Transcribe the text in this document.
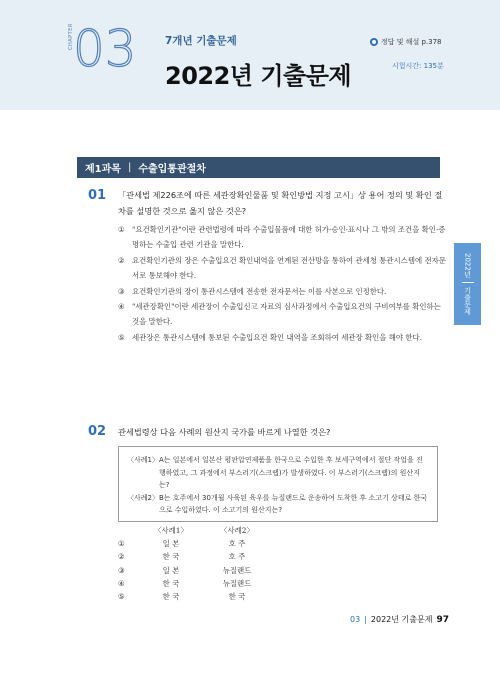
CHAPTER 03	7개년 기출문제
2022년 기출문제
정답 및 해설 p.378
시험시간: 135분
제1과목 | 수출입통관절차
2022년
기출문제
01 「관세법 제226조에 따른 세관장확인물품 및 확인방법 지정 고시」상 용어 정의 및 확인 절차를 설명한 것으로 옳지 않은 것은?
① "요건확인기관"이란 관련법령에 따라 수출입물품에 대한 허가·승인·표시나 그 밖의 조건을 확인·증명하는 수출입 관련 기관을 말한다.
② 요건확인기관의 장은 수출입요건 확인내역을 연계된 전산망을 통하여 관세청 통관시스템에 전자문서로 통보해야 한다.
③ 요건확인기관의 장이 통관시스템에 전송한 전자문서는 이를 사본으로 인정한다.
④ "세관장확인"이란 세관장이 수출입신고 자료의 심사과정에서 수출입요건의 구비여부를 확인하는 것을 말한다.
⑤ 세관장은 통관시스템에 통보된 수출입요건 확인 내역을 조회하여 세관장 확인을 해야 한다.
02 관세법령상 다음 사례의 원산지 국가를 바르게 나열한 것은?
〈사례1〉 A는 일본에서 일본산 평판압연제품을 한국으로 수입한 후 보세구역에서 절단 작업을 진행하였고, 그 과정에서 부스러기(스크랩)가 발생하였다. 이 부스러기(스크랩)의 원산지는?
〈사례2〉 B는 호주에서 30개월 사육된 육우를 뉴질랜드로 운송하여 도착한 후 소고기 상태로 한국으로 수입하였다. 이 소고기의 원산지는?
〈사례1〉	〈사례2〉
①	일 본	호 주
②	한 국	호 주
③	일 본	뉴질랜드
④	한 국	뉴질랜드
⑤	한 국	한 국
03 | 2022년 기출문제 97
